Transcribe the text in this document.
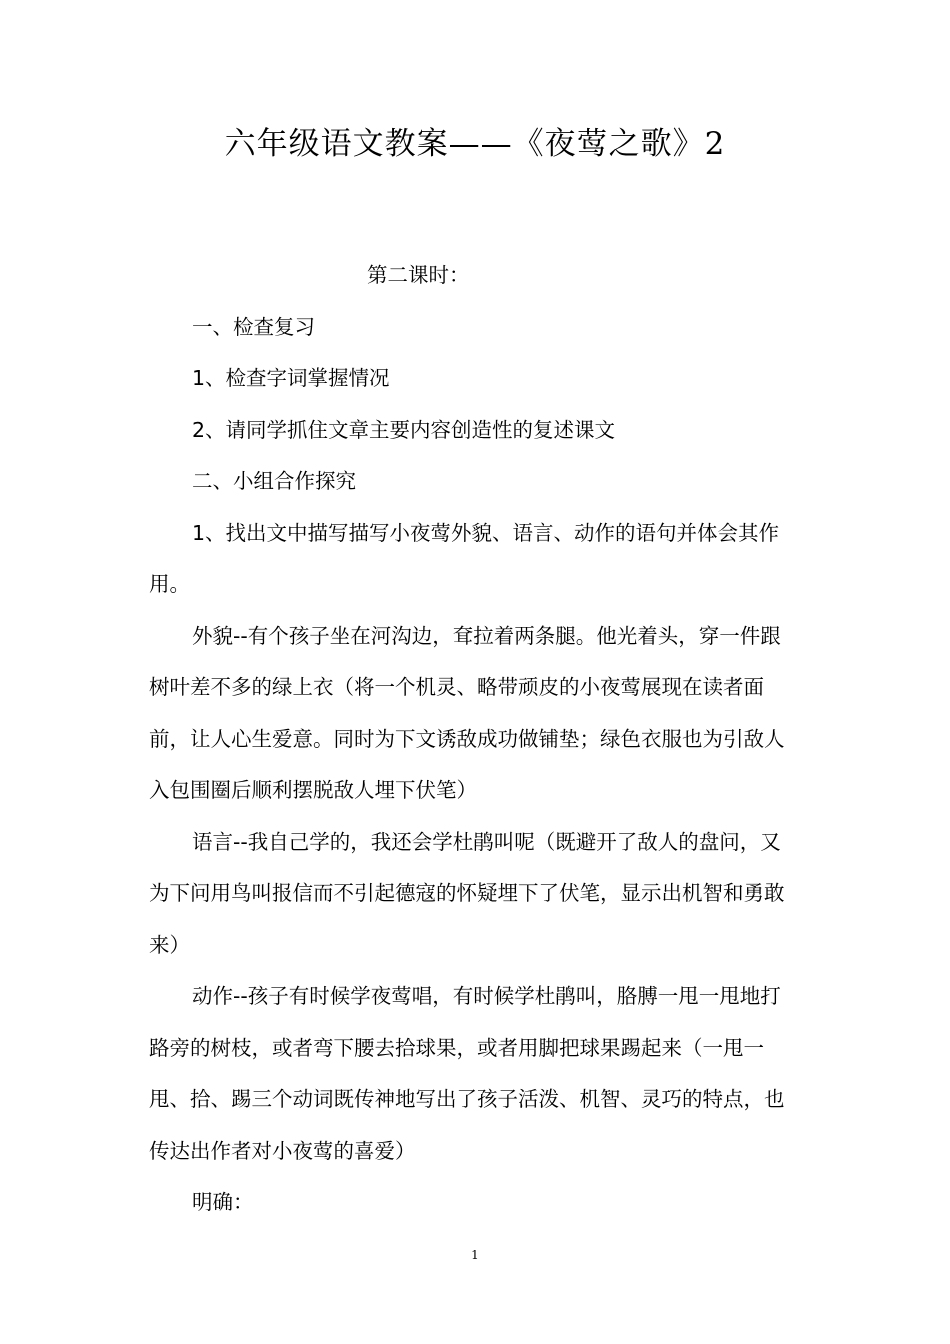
六年级语文教案——《夜莺之歌》2

第二课时：

一、检查复习

1、检查字词掌握情况

2、请同学抓住文章主要内容创造性的复述课文

二、小组合作探究

1、找出文中描写描写小夜莺外貌、语言、动作的语句并体会其作用。

外貌--有个孩子坐在河沟边，耷拉着两条腿。他光着头，穿一件跟树叶差不多的绿上衣（将一个机灵、略带顽皮的小夜莺展现在读者面前，让人心生爱意。同时为下文诱敌成功做铺垫；绿色衣服也为引敌人入包围圈后顺利摆脱敌人埋下伏笔）

语言--我自己学的，我还会学杜鹃叫呢（既避开了敌人的盘问，又为下问用鸟叫报信而不引起德寇的怀疑埋下了伏笔，显示出机智和勇敢来）

动作--孩子有时候学夜莺唱，有时候学杜鹃叫，胳膊一甩一甩地打路旁的树枝，或者弯下腰去拾球果，或者用脚把球果踢起来（一甩一甩、拾、踢三个动词既传神地写出了孩子活泼、机智、灵巧的特点，也传达出作者对小夜莺的喜爱）

明确：

1
